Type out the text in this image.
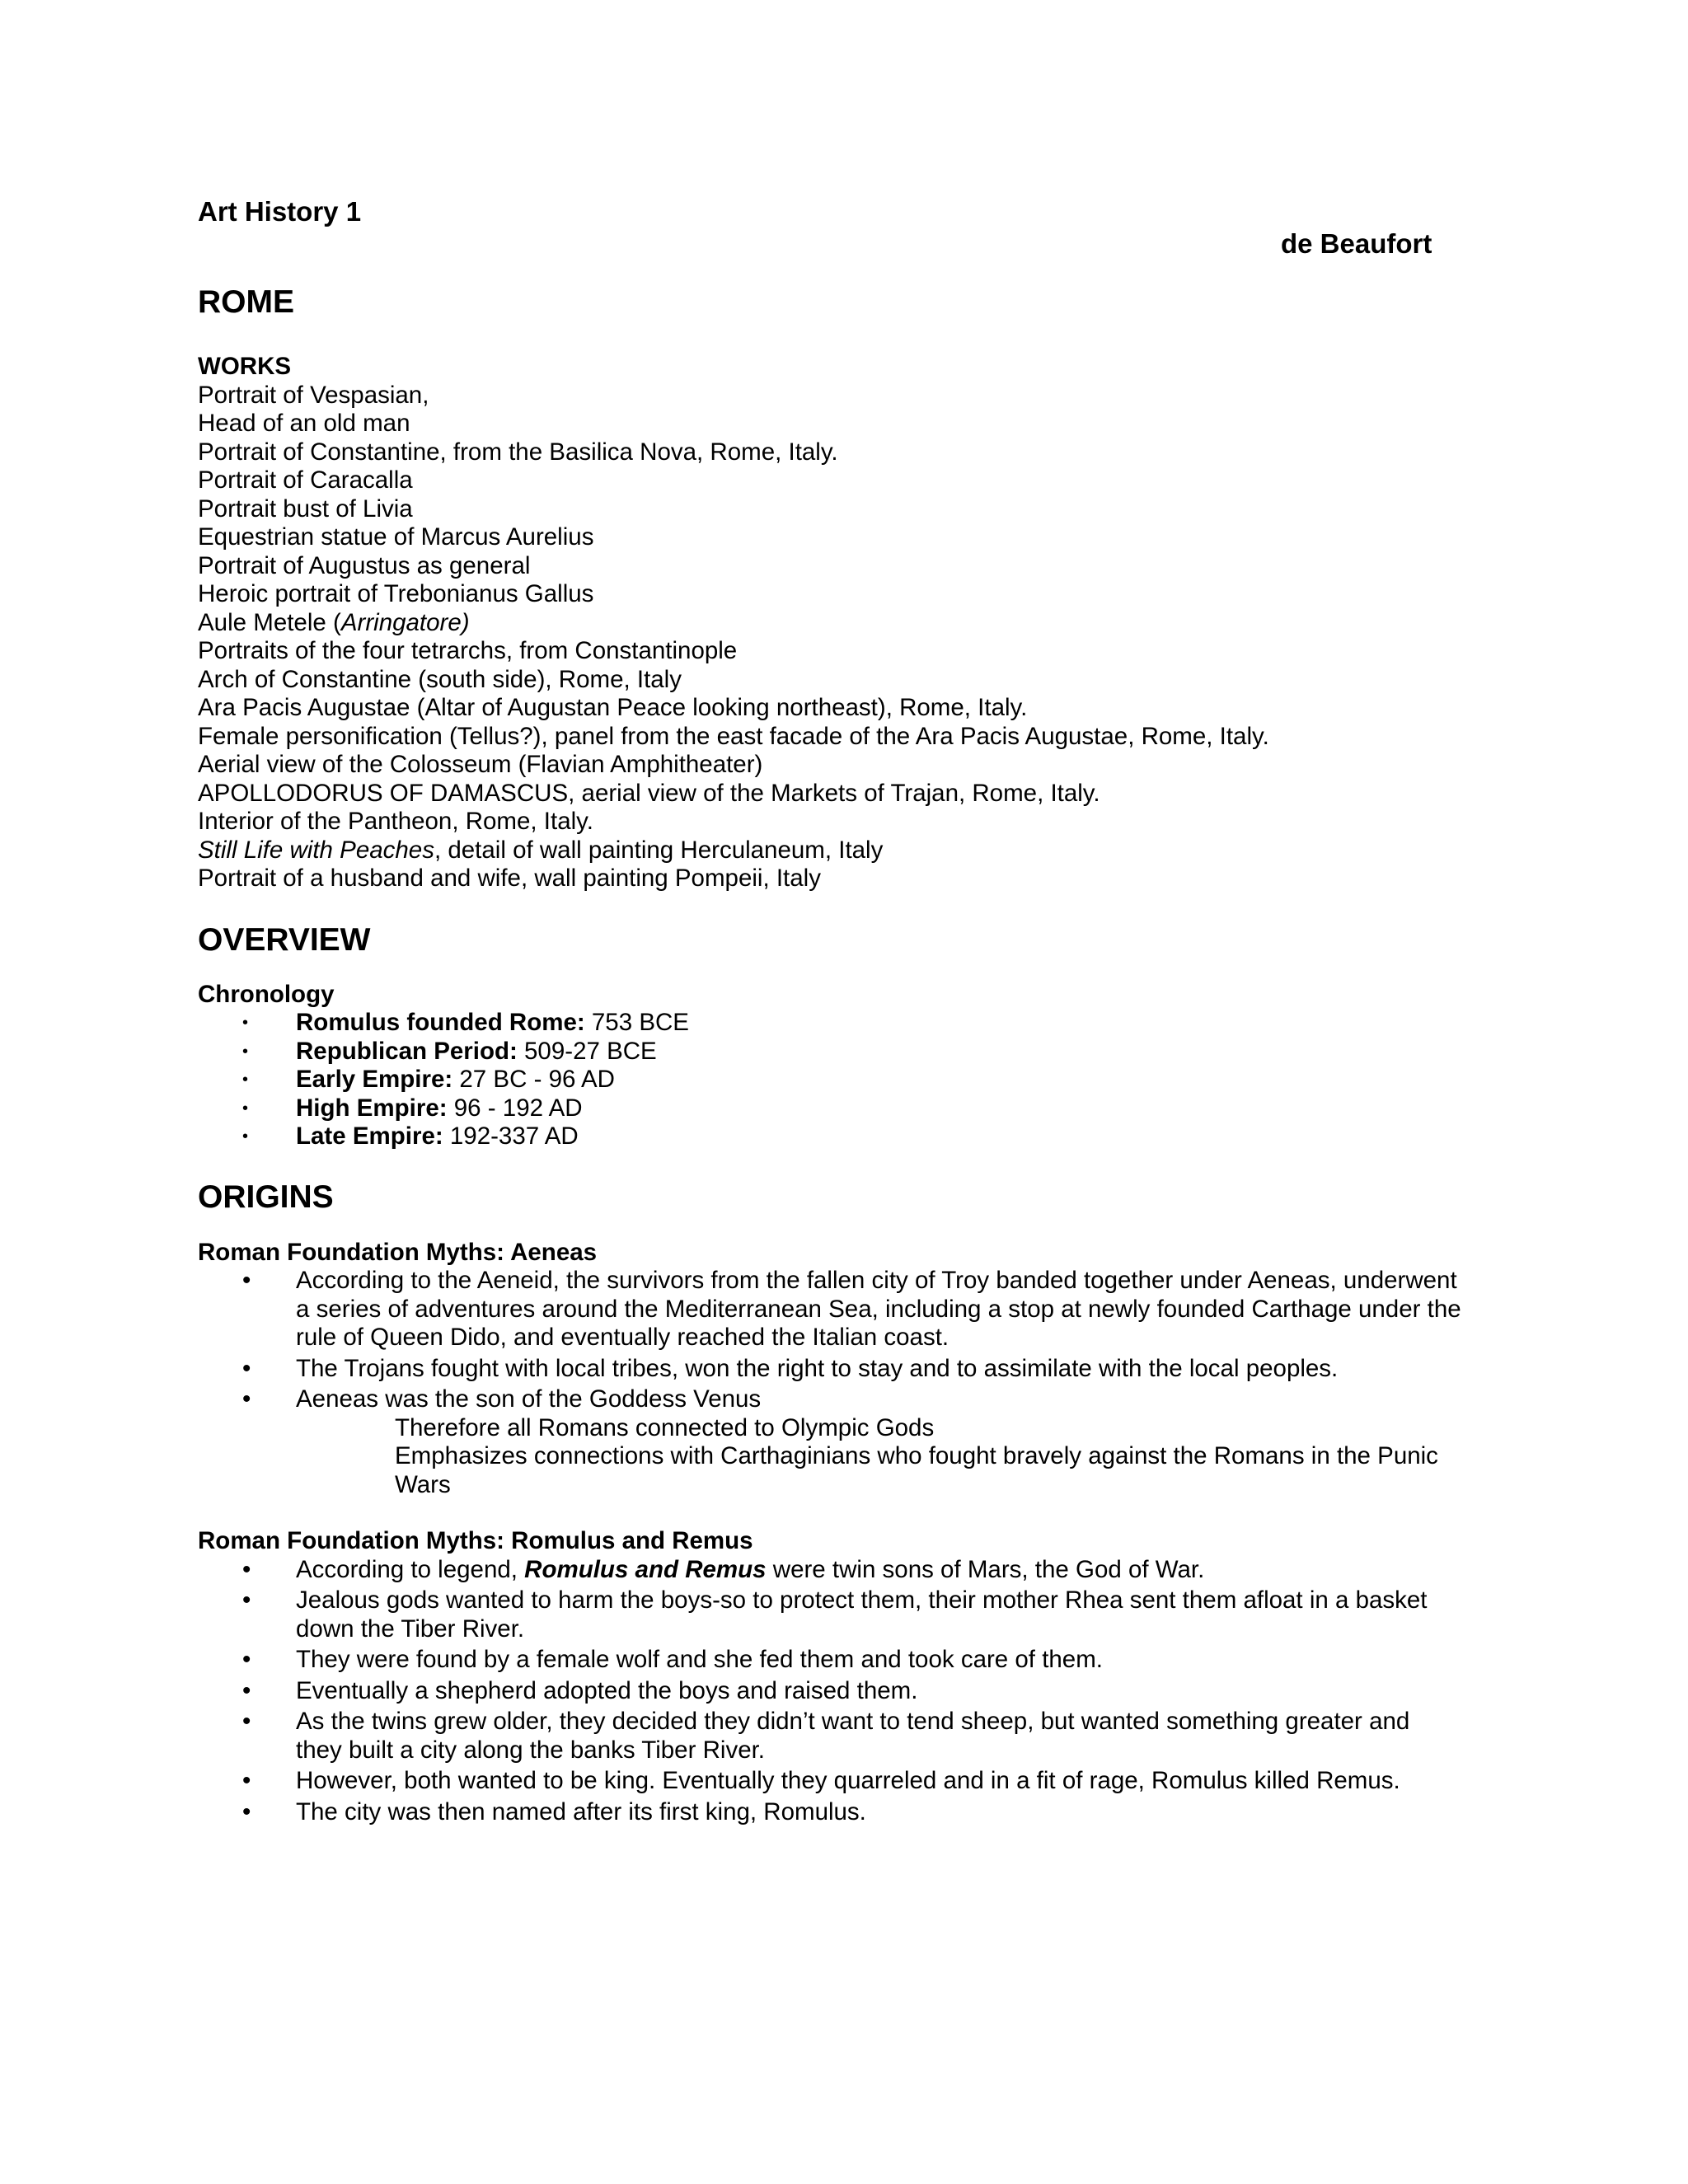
Art History 1
de Beaufort
ROME
WORKS
Portrait of Vespasian,
Head of an old man
Portrait of Constantine, from the Basilica Nova, Rome, Italy.
Portrait of Caracalla
Portrait bust of Livia
Equestrian statue of Marcus Aurelius
Portrait of Augustus as general
Heroic portrait of Trebonianus Gallus
Aule Metele (Arringatore)
Portraits of the four tetrarchs, from Constantinople
Arch of Constantine (south side), Rome, Italy
Ara Pacis Augustae (Altar of Augustan Peace looking northeast), Rome, Italy.
Female personification (Tellus?), panel from the east facade of the Ara Pacis Augustae, Rome, Italy.
Aerial view of the Colosseum (Flavian Amphitheater)
APOLLODORUS OF DAMASCUS, aerial view of the Markets of Trajan, Rome, Italy.
Interior of the Pantheon, Rome, Italy.
Still Life with Peaches, detail of wall painting Herculaneum, Italy
Portrait of a husband and wife, wall painting Pompeii, Italy
OVERVIEW
Chronology
• Romulus founded Rome: 753 BCE
• Republican Period: 509-27 BCE
• Early Empire: 27 BC - 96 AD
• High Empire: 96 - 192 AD
• Late Empire: 192-337 AD
ORIGINS
Roman Foundation Myths: Aeneas
• According to the Aeneid, the survivors from the fallen city of Troy banded together under Aeneas, underwent
a series of adventures around the Mediterranean Sea, including a stop at newly founded Carthage under the
rule of Queen Dido, and eventually reached the Italian coast.
• The Trojans fought with local tribes, won the right to stay and to assimilate with the local peoples.
• Aeneas was the son of the Goddess Venus
Therefore all Romans connected to Olympic Gods
Emphasizes connections with Carthaginians who fought bravely against the Romans in the Punic
Wars
Roman Foundation Myths: Romulus and Remus
• According to legend, Romulus and Remus were twin sons of Mars, the God of War.
• Jealous gods wanted to harm the boys-so to protect them, their mother Rhea sent them afloat in a basket
down the Tiber River.
• They were found by a female wolf and she fed them and took care of them.
• Eventually a shepherd adopted the boys and raised them.
• As the twins grew older, they decided they didn’t want to tend sheep, but wanted something greater and
they built a city along the banks Tiber River.
• However, both wanted to be king. Eventually they quarreled and in a fit of rage, Romulus killed Remus.
• The city was then named after its first king, Romulus.
